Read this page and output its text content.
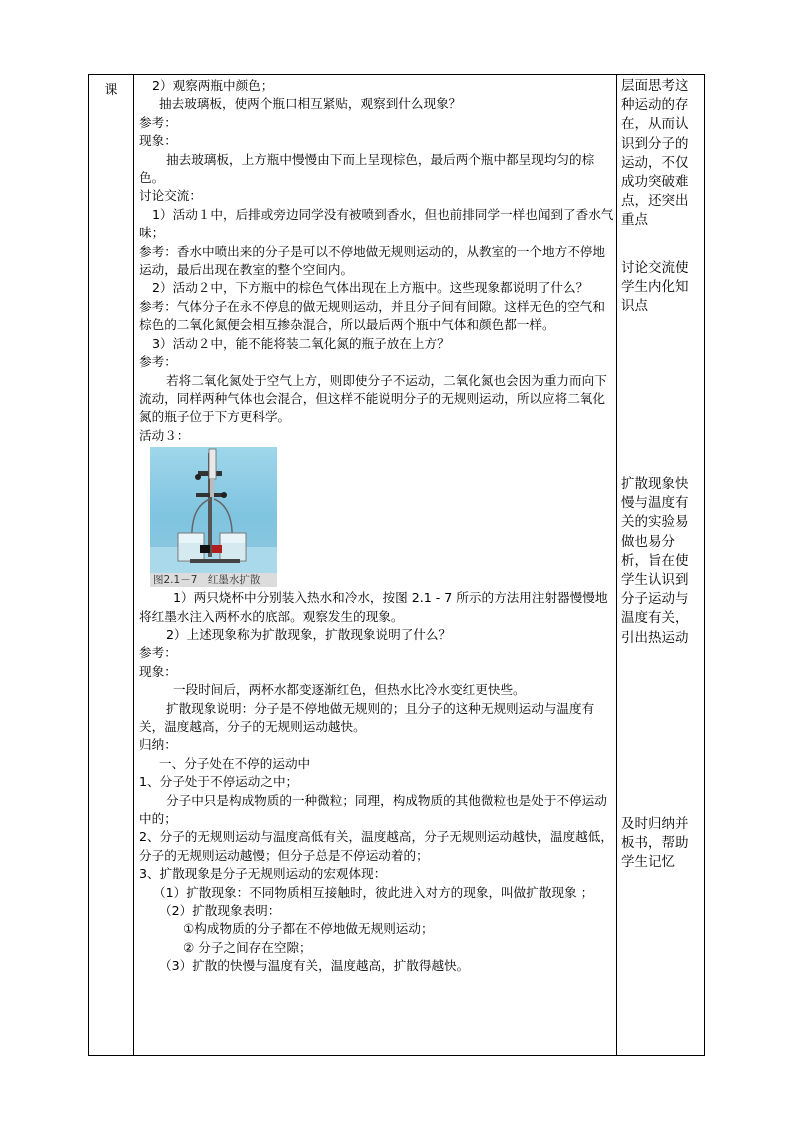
课	2）观察两瓶中颜色；

抽去玻璃板，使两个瓶口相互紧贴，观察到什么现象？

参考：

现象：

抽去玻璃板，上方瓶中慢慢由下而上呈现棕色，最后两个瓶中都呈现均匀的棕色。

讨论交流：

1）活动１中，后排或旁边同学没有被喷到香水，但也前排同学一样也闻到了香水气味；

参考：香水中喷出来的分子是可以不停地做无规则运动的，从教室的一个地方不停地运动，最后出现在教室的整个空间内。

2）活动２中，下方瓶中的棕色气体出现在上方瓶中。这些现象都说明了什么？

参考：气体分子在永不停息的做无规则运动，并且分子间有间隙。这样无色的空气和棕色的二氧化氮便会相互掺杂混合，所以最后两个瓶中气体和颜色都一样。

3）活动２中，能不能将装二氧化氮的瓶子放在上方？

参考：

若将二氧化氮处于空气上方，则即使分子不运动，二氧化氮也会因为重力而向下流动，同样两种气体也会混合，但这样不能说明分子的无规则运动，所以应将二氧化氮的瓶子位于下方更科学。

活动３：

图2.1－7　红墨水扩散

1）两只烧杯中分别装入热水和冷水，按图 2.1 - 7 所示的方法用注射器慢慢地将红墨水注入两杯水的底部。观察发生的现象。

2）上述现象称为扩散现象，扩散现象说明了什么？

参考：

现象：

一段时间后，两杯水都变逐渐红色，但热水比冷水变红更快些。

扩散现象说明：分子是不停地做无规则的；且分子的这种无规则运动与温度有关，温度越高，分子的无规则运动越快。

归纳：

一、分子处在不停的运动中

1、分子处于不停运动之中；

分子中只是构成物质的一种微粒；同理，构成物质的其他微粒也是处于不停运动中的；

2、分子的无规则运动与温度高低有关，温度越高，分子无规则运动越快，温度越低，分子的无规则运动越慢；但分子总是不停运动着的；

3、扩散现象是分子无规则运动的宏观体现：

（1）扩散现象：不同物质相互接触时，彼此进入对方的现象，叫做扩散现象 ；

（2）扩散现象表明：

①构成物质的分子都在不停地做无规则运动；

② 分子之间存在空隙；

（3）扩散的快慢与温度有关，温度越高，扩散得越快。

层面思考这种运动的存在，从而认识到分子的运动，不仅成功突破难点，还突出重点
讨论交流使学生内化知识点
扩散现象快慢与温度有关的实验易做也易分析，旨在使学生认识到分子运动与温度有关，引出热运动
及时归纳并板书，帮助学生记忆
